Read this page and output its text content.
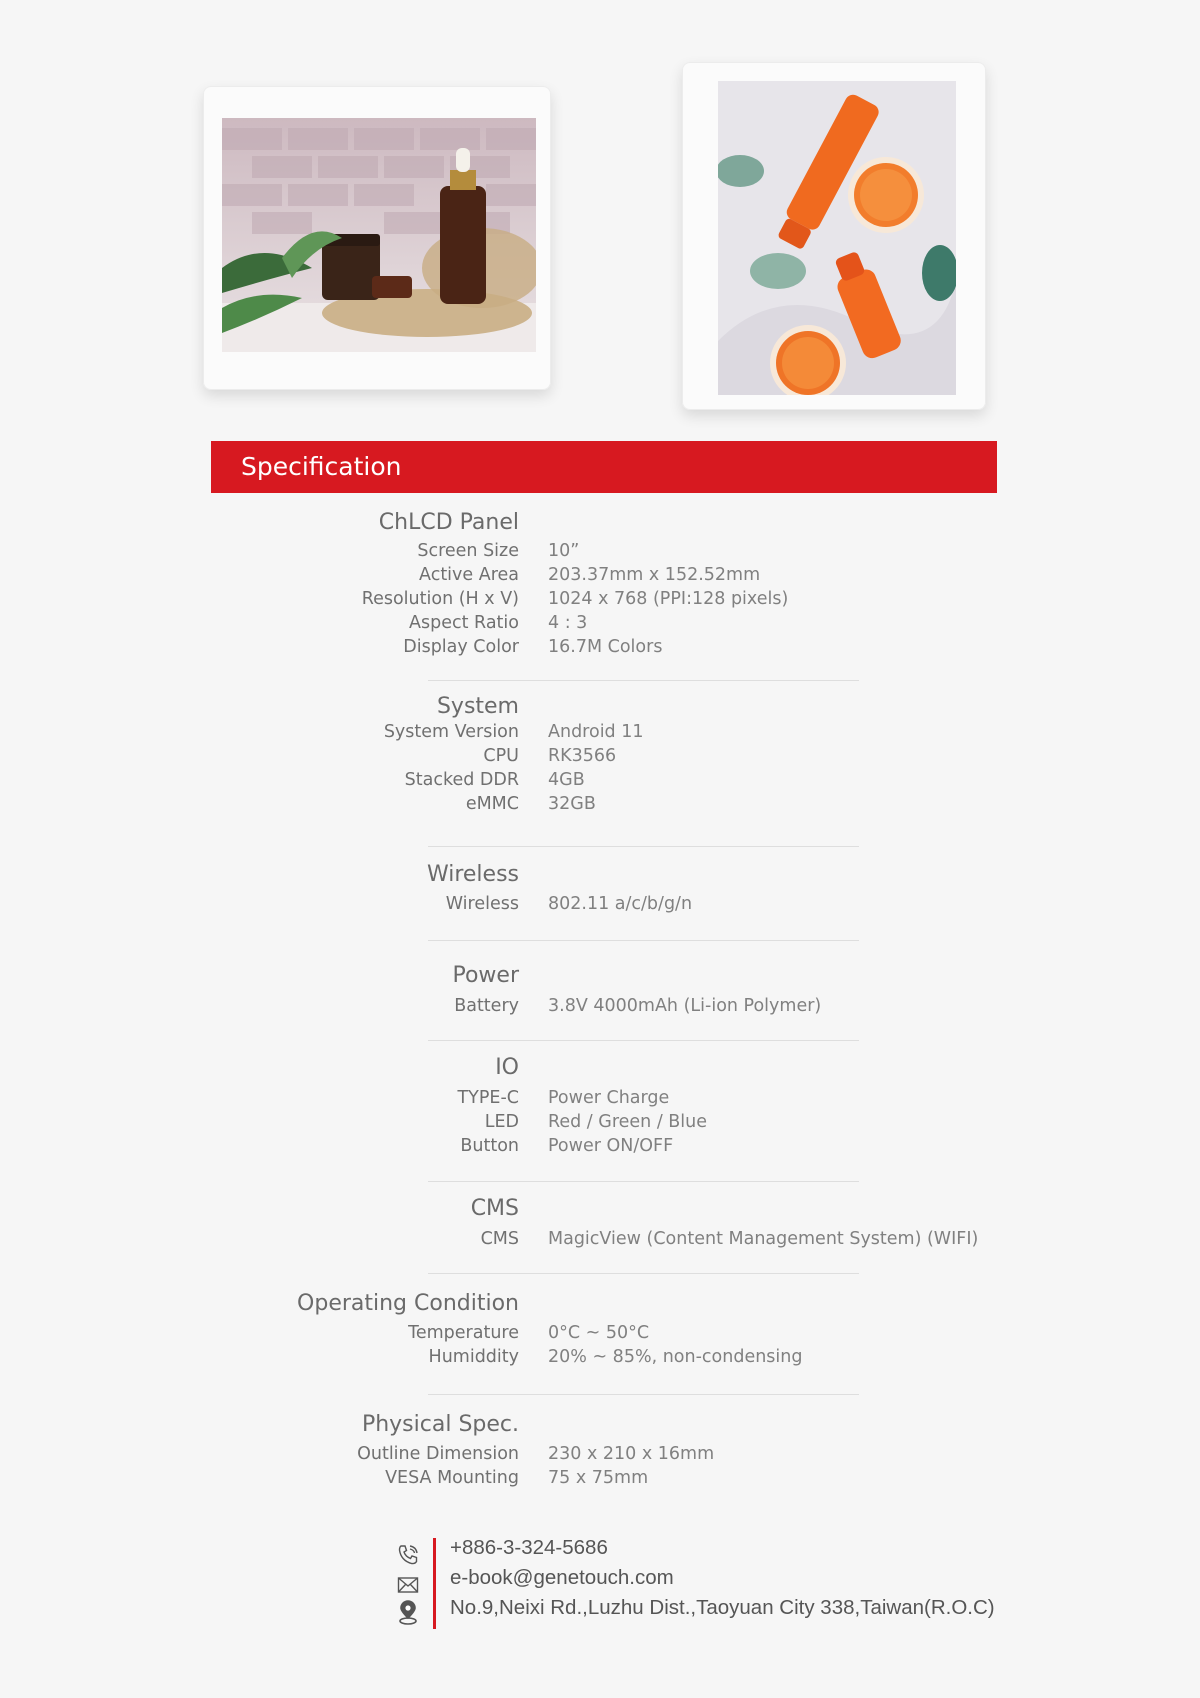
Specification
ChLCD Panel
Screen Size 10”
Active Area 203.37mm x 152.52mm
Resolution (H x V) 1024 x 768 (PPI:128 pixels)
Aspect Ratio 4 : 3
Display Color 16.7M Colors
System
System Version Android 11
CPU RK3566
Stacked DDR 4GB
eMMC 32GB
Wireless
Wireless 802.11 a/c/b/g/n
Power
Battery 3.8V 4000mAh (Li-ion Polymer)
IO
TYPE-C Power Charge
LED Red / Green / Blue
Button Power ON/OFF
CMS
CMS MagicView (Content Management System) (WIFI)
Operating Condition
Temperature 0°C ~ 50°C
Humiddity 20% ~ 85%, non-condensing
Physical Spec.
Outline Dimension 230 x 210 x 16mm
VESA Mounting 75 x 75mm
+886-3-324-5686
e-book@genetouch.com
No.9,Neixi Rd.,Luzhu Dist.,Taoyuan City 338,Taiwan(R.O.C)
